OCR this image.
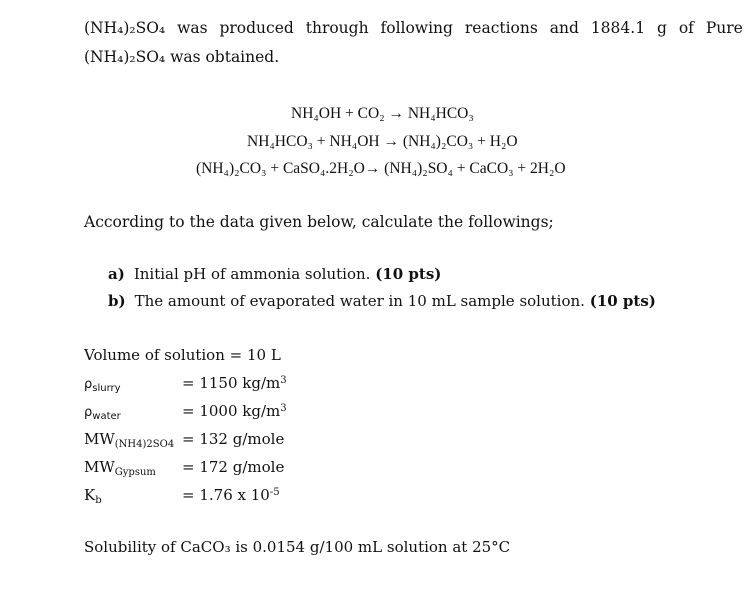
(NH₄)₂SO₄ was produced through following reactions and 1884.1 g of Pure
(NH₄)₂SO₄ was obtained.
NH₄OH + CO₂ → NH₄HCO₃
NH₄HCO₃ + NH₄OH → (NH₄)₂CO₃ + H₂O
(NH₄)₂CO₃ + CaSO₄.2H₂O→ (NH₄)₂SO₄ + CaCO₃ + 2H₂O
According to the data given below, calculate the followings;
a) Initial pH of ammonia solution. (10 pts)
b) The amount of evaporated water in 10 mL sample solution. (10 pts)
Volume of solution = 10 L
$\rho_{slurry}$	= 1150 $kg/m^3$
$\rho_{water}$	= 1000 $kg/m^3$
$MW_{(NH4)2SO4} = 132$ g/mole
$MW_{Gypsum} = 172$ g/mole
$K_b$	= 1.76 x $10^{-5}$
Solubility of CaCO₃ is 0.0154 g/100 mL solution at 25°C
